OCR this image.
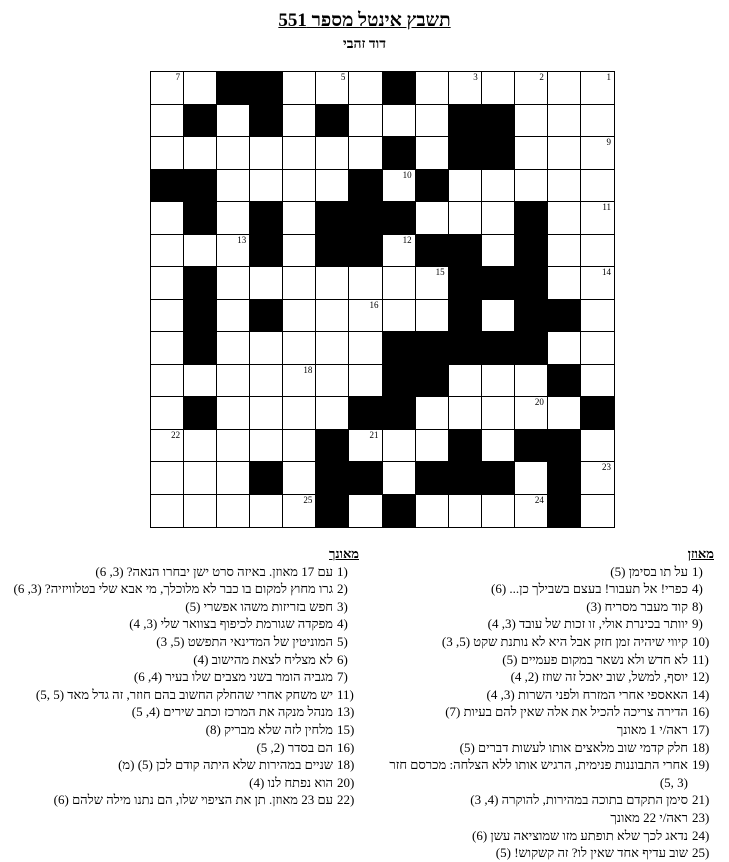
תשבץ אינטל מספר 551
דוד זהבי
7	6	5	4	3	2	1
8
9
10
11
13	12
15	14
16
17
18
20	19
22	21
23
25	24
מאוזן
1)
על תו בסימן (5)
4)
כפרי! אל תעבור! בעצם בשבילך כן... (6)
8)
קוד מעבר מסריח (3)
9)
יוותר בכינרת אולי, זו זכות של עובד (3, 4)
10)
קיווי שיהיה זמן חזק אבל היא לא נותנת שקט (5, 3)
11)
לא חדש ולא נשאר במקום פעמיים (5)
12)
יוסף, למשל, שוב יאכל זה שוזז (2, 4)
14)
האאספי אחרי המזרח ולפני השרות (3, 4)
16)
הדירה צריכה להכיל את אלה שאין להם בעיות (7)
17)
ראה/י 1 מאונך
18)
חלק קדמי שוב מלאצים אותו לעשות דברים (5)
19)
אחרי התבוננות פנימית, הרגיש אותו ללא הצלחה: מכרסם חזר (3 ,5)
21)
סימן התקדם בתוכה במהירות, להוקרה (4, 3)
23)
ראה/י 22 מאונך
24)
נדאג לכך שלא תופתע מזו שמוציאה עשן (6)
25)
שוב עדיף אחד שאין לו? זה קשקוש! (5)
מאונך
1)
עם 17 מאוזן. באיזה סרט ישן יבחרו הנאה? (3, 6)
2)
גרו מחוץ למקום בו כבר לא מלוכלך, מי אבא שלי בטלוויזיה? (3, 6)
3)
חפש בזריזות משהו אפשרי (5)
4)
מפקדה שגורמת לכיפוף בצוואר שלי (3, 4)
5)
המוניטין של המדינאי התפשט (5, 3)
6)
לא מצליח לצאת מהישוב (4)
7)
מגביה הומר בשני מצבים שלו בעיר (4, 6)
11)
יש משחק אחרי שהחלק החשוב בהם חוזר, זה גדל מאד (5 ,5)
13)
מנהל מנקה את המרכז וכתב שירים (4, 5)
15)
מלחין לזה שלא מבריק (8)
16)
הם בסדר (2, 5)
18)
שניים במהירות שלא היתה קודם לכן (5) (מ)
20)
הוא נפתח לנו (4)
22)
עם 23 מאוזן. תן את הציפוי שלו, הם נתנו מילה שלהם (6)
